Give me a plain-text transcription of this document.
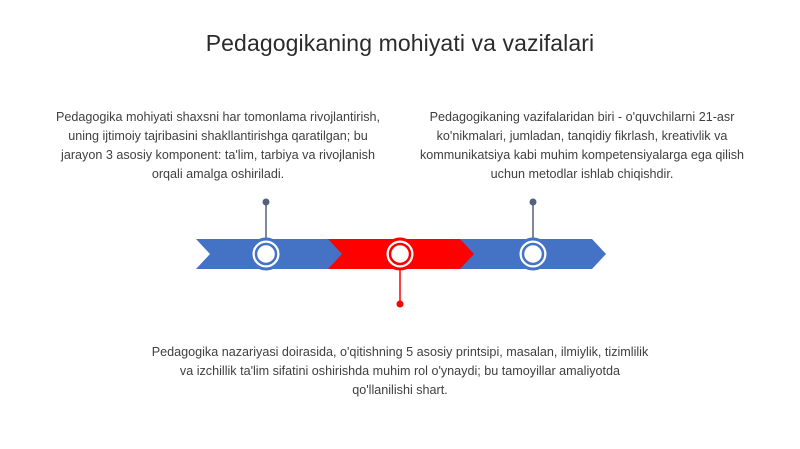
Pedagogikaning mohiyati va vazifalari
Pedagogika mohiyati shaxsni har tomonlama rivojlantirish, uning ijtimoiy tajribasini shakllantirishga qaratilgan; bu jarayon 3 asosiy komponent: ta'lim, tarbiya va rivojlanish orqali amalga oshiriladi.
Pedagogikaning vazifalaridan biri - o'quvchilarni 21-asr ko'nikmalari, jumladan, tanqidiy fikrlash, kreativlik va kommunikatsiya kabi muhim kompetensiyalarga ega qilish uchun metodlar ishlab chiqishdir.
Pedagogika nazariyasi doirasida, o'qitishning 5 asosiy printsipi, masalan, ilmiylik, tizimlilik va izchillik ta'lim sifatini oshirishda muhim rol o'ynaydi; bu tamoyillar amaliyotda qo'llanilishi shart.
